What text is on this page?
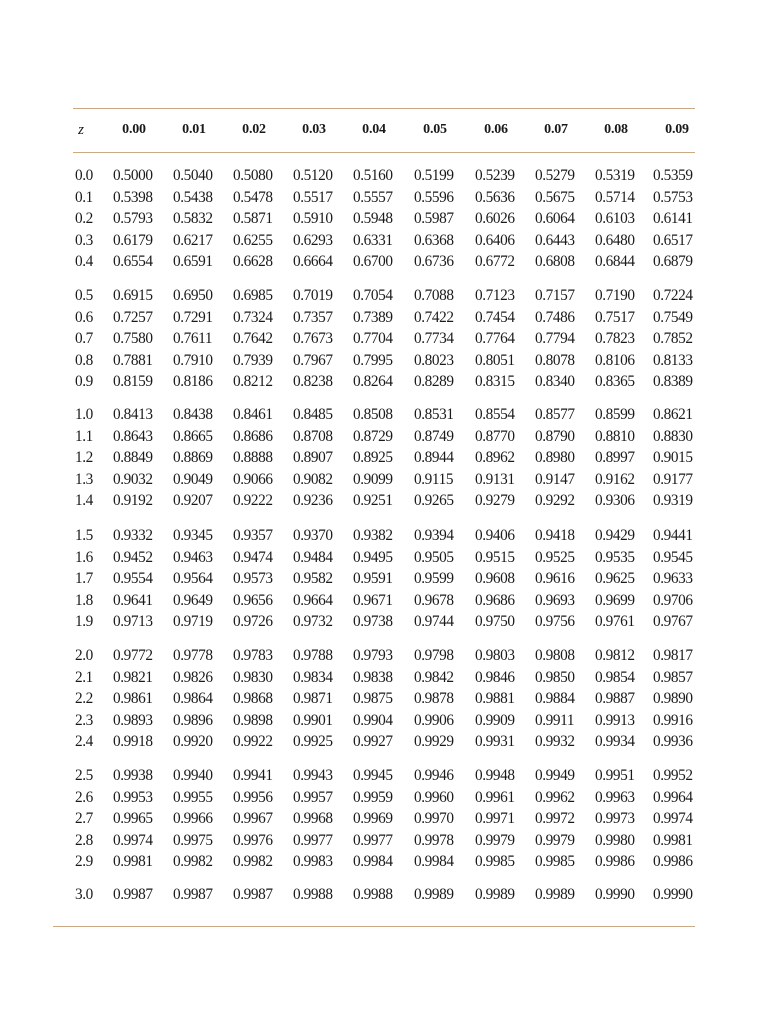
z	0.00	0.01	0.02	0.03	0.04	0.05	0.06	0.07	0.08	0.09
0.0 0.5000 0.5040 0.5080 0.5120 0.5160 0.5199 0.5239 0.5279 0.5319 0.5359
0.1 0.5398 0.5438 0.5478 0.5517 0.5557 0.5596 0.5636 0.5675 0.5714 0.5753
0.2 0.5793 0.5832 0.5871 0.5910 0.5948 0.5987 0.6026 0.6064 0.6103 0.6141
0.3 0.6179 0.6217 0.6255 0.6293 0.6331 0.6368 0.6406 0.6443 0.6480 0.6517
0.4 0.6554 0.6591 0.6628 0.6664 0.6700 0.6736 0.6772 0.6808 0.6844 0.6879
0.5 0.6915 0.6950 0.6985 0.7019 0.7054 0.7088 0.7123 0.7157 0.7190 0.7224
0.6 0.7257 0.7291 0.7324 0.7357 0.7389 0.7422 0.7454 0.7486 0.7517 0.7549
0.7 0.7580 0.7611 0.7642 0.7673 0.7704 0.7734 0.7764 0.7794 0.7823 0.7852
0.8 0.7881 0.7910 0.7939 0.7967 0.7995 0.8023 0.8051 0.8078 0.8106 0.8133
0.9 0.8159 0.8186 0.8212 0.8238 0.8264 0.8289 0.8315 0.8340 0.8365 0.8389
1.0 0.8413 0.8438 0.8461 0.8485 0.8508 0.8531 0.8554 0.8577 0.8599 0.8621
1.1 0.8643 0.8665 0.8686 0.8708 0.8729 0.8749 0.8770 0.8790 0.8810 0.8830
1.2 0.8849 0.8869 0.8888 0.8907 0.8925 0.8944 0.8962 0.8980 0.8997 0.9015
1.3 0.9032 0.9049 0.9066 0.9082 0.9099 0.9115 0.9131 0.9147 0.9162 0.9177
1.4 0.9192 0.9207 0.9222 0.9236 0.9251 0.9265 0.9279 0.9292 0.9306 0.9319
1.5 0.9332 0.9345 0.9357 0.9370 0.9382 0.9394 0.9406 0.9418 0.9429 0.9441
1.6 0.9452 0.9463 0.9474 0.9484 0.9495 0.9505 0.9515 0.9525 0.9535 0.9545
1.7 0.9554 0.9564 0.9573 0.9582 0.9591 0.9599 0.9608 0.9616 0.9625 0.9633
1.8 0.9641 0.9649 0.9656 0.9664 0.9671 0.9678 0.9686 0.9693 0.9699 0.9706
1.9 0.9713 0.9719 0.9726 0.9732 0.9738 0.9744 0.9750 0.9756 0.9761 0.9767
2.0 0.9772 0.9778 0.9783 0.9788 0.9793 0.9798 0.9803 0.9808 0.9812 0.9817
2.1 0.9821 0.9826 0.9830 0.9834 0.9838 0.9842 0.9846 0.9850 0.9854 0.9857
2.2 0.9861 0.9864 0.9868 0.9871 0.9875 0.9878 0.9881 0.9884 0.9887 0.9890
2.3 0.9893 0.9896 0.9898 0.9901 0.9904 0.9906 0.9909 0.9911 0.9913 0.9916
2.4 0.9918 0.9920 0.9922 0.9925 0.9927 0.9929 0.9931 0.9932 0.9934 0.9936
2.5 0.9938 0.9940 0.9941 0.9943 0.9945 0.9946 0.9948 0.9949 0.9951 0.9952
2.6 0.9953 0.9955 0.9956 0.9957 0.9959 0.9960 0.9961 0.9962 0.9963 0.9964
2.7 0.9965 0.9966 0.9967 0.9968 0.9969 0.9970 0.9971 0.9972 0.9973 0.9974
2.8 0.9974 0.9975 0.9976 0.9977 0.9977 0.9978 0.9979 0.9979 0.9980 0.9981
2.9 0.9981 0.9982 0.9982 0.9983 0.9984 0.9984 0.9985 0.9985 0.9986 0.9986
3.0 0.9987 0.9987 0.9987 0.9988 0.9988 0.9989 0.9989 0.9989 0.9990 0.9990
